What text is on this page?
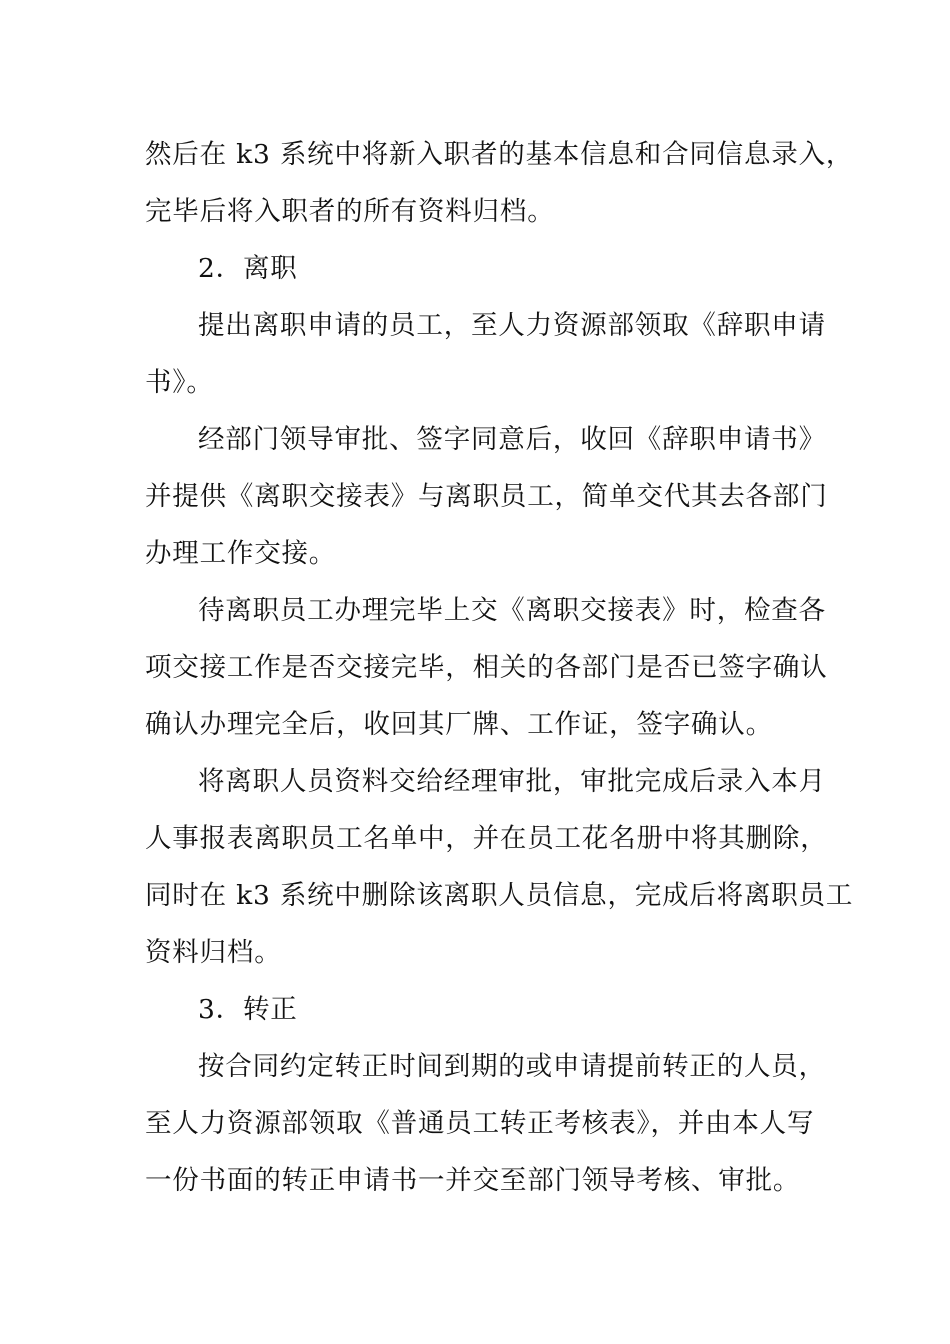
然后在 k3 系统中将新入职者的基本信息和合同信息录入，
完毕后将入职者的所有资料归档。
2．离职
提出离职申请的员工，至人力资源部领取《辞职申请
书》。
经部门领导审批、签字同意后，收回《辞职申请书》
并提供《离职交接表》与离职员工，简单交代其去各部门
办理工作交接。
待离职员工办理完毕上交《离职交接表》时，检查各
项交接工作是否交接完毕，相关的各部门是否已签字确认
确认办理完全后，收回其厂牌、工作证，签字确认。
将离职人员资料交给经理审批，审批完成后录入本月
人事报表离职员工名单中，并在员工花名册中将其删除，
同时在 k3 系统中删除该离职人员信息，完成后将离职员工
资料归档。
3．转正
按合同约定转正时间到期的或申请提前转正的人员，
至人力资源部领取《普通员工转正考核表》，并由本人写
一份书面的转正申请书一并交至部门领导考核、审批。
